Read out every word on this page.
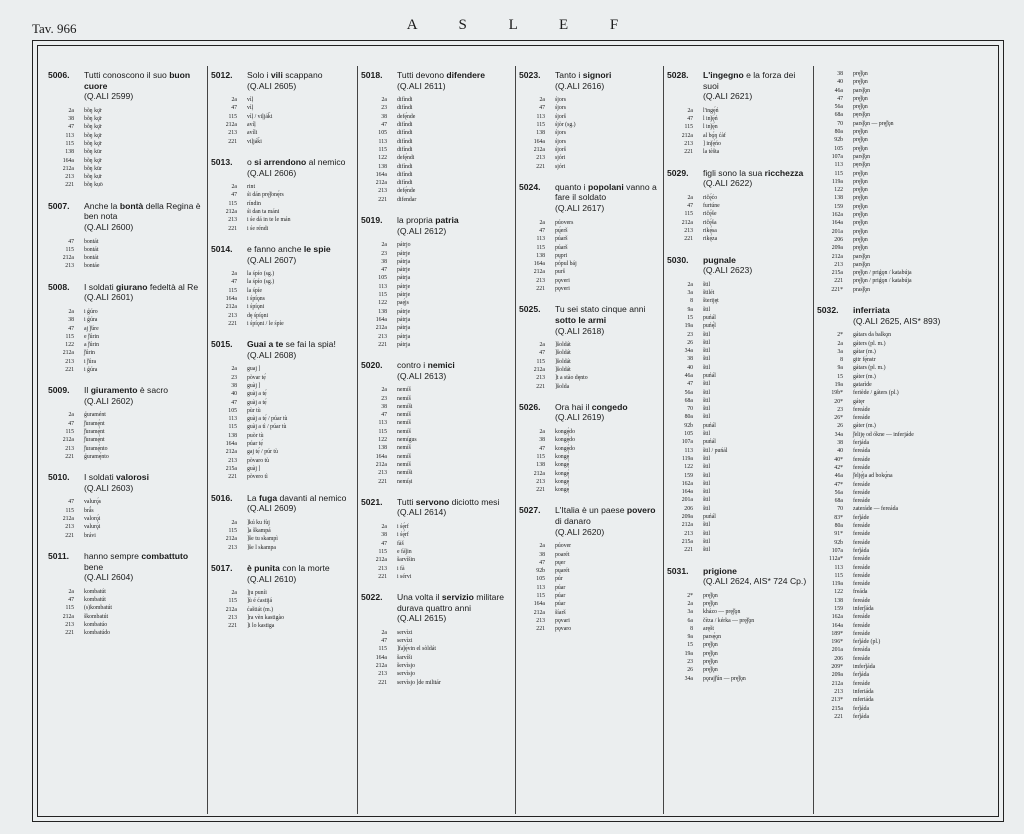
Tav. 966	A S L E F
5006.	Tutti conoscono il suo buon cuore
(Q.ALI 2599)
2a	bõŋ kǫ̈r
38	bõŋ kǫ̈r
47	bõŋ kǫ̈r
113	bõŋ kǫ̈r
115	bõŋ kǫ̈r
138	bõŋ kür
164a	bõŋ kǫ̈r
212a	bõŋ kür
213	bõŋ kụ̈r
221	bõŋ kụö
5007.	Anche la bontà della Regina è ben nota
(Q.ALI 2600)
47	bontát
115	bontát
212a	bontát
213	bontáe
5008.	I soldati giurano fedeltà al Re
(Q.ALI 2601)
2a	i ǵúro
38	i ǵúra
47	aj ǰ̆úre
115	e ǰ̆úrin
122	a ǰ̆úrin
212a	ǰ̆úrin
213	i ǰ̆úra
221	i ǵúra
5009.	Il giuramento è sacro
(Q.ALI 2602)
2a	ǵuramént
47	ǰ̆uramę́nt
115	ǰ̆uramę́nt
212a	ǰ̆uramę́nt
213	ǰ̆uramę́nto
221	ǵuramę́nto
5010.	I soldati valorosi
(Q.ALI 2603)
47	valurǫ́s
115	brǻs
212a	valorǫ́i
213	valurǫ́i
221	brávi
5011.	hanno sempre combattuto bene
(Q.ALI 2604)
2a	kombatút
47	kombatút
115	(s)kombatút
212a	škombatút
213	kombatúo
221	kombatúdo
5012.	Solo i vili scappano
(Q.ALI 2605)
2a	vìļ
47	vìļ
115	vìļ / viļják̄i
212a	avíļ
213	avíli
221	viļják̄i
5013.	o si arrendono al nemico
(Q.ALI 2606)
2a	rint
47	śi dán pręǰ̆onę́rs
115	ríndin
212a	śi dan ta máni
213	i śe dá in te le mán
221	i śe réndi
5014.	e fanno anche le spie
(Q.ALI 2607)
2a	la śpío (sg.)
47	la śpío (sg.)
115	la śpíe
164a	i śpíǫns
212a	i śpíǫni
213	dę śpíǫni
221	i śpíǫni / le śpíe
5015.	Guai a te se fai la spia!
(Q.ALI 2608)
2a	guaj ]
23	pòvar tẹ́
38	guàj ]
40	guàj a tẹ́
47	guàj a tẹ́
105	pùr tù
113	guàj a tẹ́ / púar tù
115	guàj a tì / púar tù
138	puòr tù
164a	púar tẹ́
212a	gaj tẹ́ / púr tù
213	pòvaro tù
215a	guàj ]
221	pòvero tì
5016.	La fuga davanti al nemico
(Q.ALI 2609)
2a	]kú ku fùj
115	]a škampá
212a	]še tu skampì
213	]še l skampa
5017.	è punita con la morte
(Q.ALI 2610)
2a	]ju puníi
115	]ù é ćastijá
212a	ćaštiát (m.)
213	]ra vèn kastigào
221	]i lo kastiga
5018.	Tutti devono difendere
(Q.ALI 2611)
2a	difìndi
23	difíndi
38	defę́nde
47	difíndi
105	difíndi
113	difíndi
115	difíndi
122	defę́ndi
138	difíndi
164a	difíndi
212a	difíndi
213	defę́nde
221	difendar
5019.	la propria patria
(Q.ALI 2612)
2a	pátrjo
23	pátrje
38	pátrja
47	pátrje
105	pátrja
113	pátrje
115	pátrje
122	paę́js
138	pátrje
164a	pátrja
212a	pátrja
213	pátrja
221	pátrja
5020.	contro i nemici
(Q.ALI 2613)
2a	nemíš
23	nemíš
38	nemíši
47	nemíš
113	nemíš
115	nemíš
122	nemígus
138	nemíš
164a	nemíš
212a	nemíš
213	nemíši
221	nemíși
5021.	Tutti servono diciotto mesi
(Q.ALI 2614)
2a	i śę́rf
38	i śę́rf
47	fàš
115	e fàǰin
212a	šarvìšin
213	i fà
221	i sérvi
5022.	Una volta il servizio militare durava quattro anni
(Q.ALI 2615)
2a	servìzi
47	servìzi
115	]faǰę́vin el sòldát
164a	šarvíši
212a	šervìsjo
213	servìsjo
221	servìsjo ]de militár
5023.	Tanto i signori
(Q.ALI 2616)
2a	śjors
47	śjors
113	śjorš
115	śjòr (sg.)
138	śjors
164a	śjors
212a	śjorš
213	sjóri
221	sjóri
5024.	quanto i popolani vanno a fare il soldato
(Q.ALI 2617)
2a	púovers
47	pų́erš
113	púarš
115	púarš
138	pųpri
164a	pópul báj
212a	purš
213	pǫveri
221	pǫveri
5025.	Tu sei stato cinque anni sotto le armi
(Q.ALI 2618)
2a	]šoldát
47	]šoldát
115	]šoldát
212a	]šoldát
213	]t a stào dęnto
221	]šolda
5026.	Ora hai il congedo
(Q.ALI 2619)
2a	kongę́do
38	kongę́do
47	kongę́do
115	kongę́
138	kongę́
212a	kongę́
213	kongę́
221	kongę́
5027.	L'Italia è un paese povero di danaro
(Q.ALI 2620)
2a	púover
38	poarét
47	pųer
92b	pųarét
105	púr
113	púar
115	púar
164a	púar
212a	šíarš
213	pǫvari
221	pǫvaro
5028.	L'ingegno e la forza dei suoi
(Q.ALI 2621)
2a	l'ingę́ń
47	l inǰę́ń
115	l inǰę́n
212a	al bǫ́ŋ ćàf
213	] inǰę́ńo
221	la tèšta
5029.	figli sono la sua ricchezza
(Q.ALI 2622)
2a	ričę́ćo
47	furtúne
115	ričę́še
212a	ričę́ša
213	rikę́sa
221	rikę́za
5030.	pugnale
(Q.ALI 2623)
2a	štil
3a	štilét
8	šterijęt
9a	štil
15	puńál
19a	puńę́l
23	štil
26	štil
34a	štil
38	štil
40	štil
46a	puńál
47	štil
56a	štil
68a	štil
70	štil
80a	štil
92b	puńál
105	štil
107a	puńál
113	štil / puńál
119a	štil
122	štil
159	štil
162a	štil
164a	štil
201a	štil
206	štil
209a	puńál
212a	štil
213	štil
215a	štil
221	štil
5031.	prigione
(Q.ALI 2624, AIS* 724 Cp.)
2*	pręǰ̆ǫn
2a	pręǰ̆ǫn
3a	kházo — pręǰ̆ǫn
6a	čèza / kérka — pręǰ̆ǫn
8	aręšt
9a	parsę́ǫn
15	pręǰ̆ǫn
19a	pręǰ̆ǫn
23	pręǰ̆ǫn
26	pręǰ̆ǫn
34a	pǫrajǰ̆ún — pręǰ̆ǫn
38	pręǰ̆ǫn
40	pręǰ̆ǫn
46a	parsǰ̆ǫn
47	pręǰ̆ǫn
56a	pręǰ̆ǫn
68a	pęrsǰ̆ǫn
70	parsǰ̆ǫn — pręǰ̆ǫn
80a	pręǰ̆ǫn
92b	pręǰ̆ǫn
105	pręǰ̆ǫn
107a	parsǰ̆ǫn
113	pęrsǰ̆ǫn
115	pręǰ̆ǫn
119a	pręǰ̆ǫn
122	pręǰ̆ǫn
138	pręǰ̆ǫn
159	pręǰ̆ǫn
162a	pręǰ̆ǫn
164a	pręǰ̆ǫn
201a	pręǰ̆ǫn
206	pręǰ̆ǫn
209a	pręǰ̆ǫn
212a	parsǰ̆ǫn
213	parsǰ̆ǫn
215a	pręǰ̆ǫn / priǵǫn / katabúja
221	pręǰ̆ǫn / priǵǫn / katabúja
221*	prasǰ̆ǫn
5032.	inferriata
(Q.ALI 2625, AIS* 893)
2*	gátars da balkǫn
2a	gáters (pl. m.)
3a	gátar (m.)
8	gitr fę́nstr
9a	gátars (pl. m.)
15	gáter (m.)
19a	gatarìde
19b*	feriède / gáters (pl.)
20*	gátęr
23	fereáde
26*	fereáde
26	gáter (m.)
34a	ǰ̆eliję od ókne — inferjáde
38	ferjáda
40	fereáda
40*	fereáde
42*	fereáde
46a	ǰ̆elję́ja ad bokǫ́na
47*	fereáde
56a	fereáde
68a	fereáde
70	zateráde — fereáda
83*	ferǰáde
80a	fereáde
91*	fereáde
92b	fereáde
107a	ferǰáda
112a*	fereáde
113	fereáde
115	fereáde
119a	fereáde
122	freáda
138	fereáde
159	inferǰáda
162a	fereáde
164a	fereáde
189*	fereáde
196*	ferǰáde (pl.)
201a	fereáda
206	fereáde
209*	imferǰáda
209a	ferǰáda
212a	fereáde
213	inferiáda
213*	mferiáda
215a	ferǰáda
221	ferǰáda
